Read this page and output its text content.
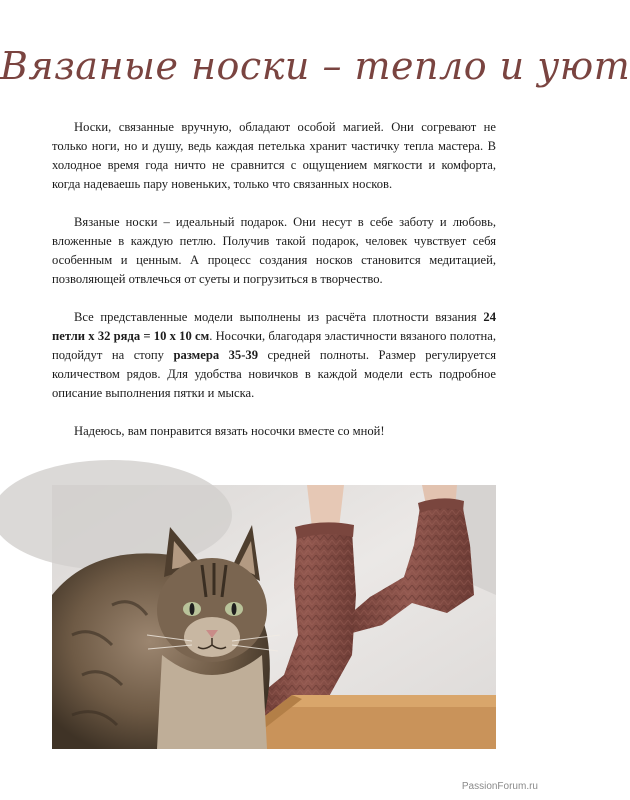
Вязаные носки – тепло и уют

Носки, связанные вручную, обладают особой магией. Они согревают не только ноги, но и душу, ведь каждая петелька хранит частичку тепла мастера. В холодное время года ничто не сравнится с ощущением мягкости и комфорта, когда надеваешь пару новеньких, только что связанных носков.

Вязаные носки – идеальный подарок. Они несут в себе заботу и любовь, вложенные в каждую петлю. Получив такой подарок, человек чувствует себя особенным и ценным. А процесс создания носков становится медитацией, позволяющей отвлечься от суеты и погрузиться в творчество.

Все представленные модели выполнены из расчёта плотности вязания 24 петли х 32 ряда = 10 х 10 см. Носочки, благодаря эластичности вязаного полотна, подойдут на стопу размера 35-39 средней полноты. Размер регулируется количеством рядов. Для удобства новичков в каждой модели есть подробное описание выполнения пятки и мыска.

Надеюсь, вам понравится вязать носочки вместе со мной!

PassionForum.ru
